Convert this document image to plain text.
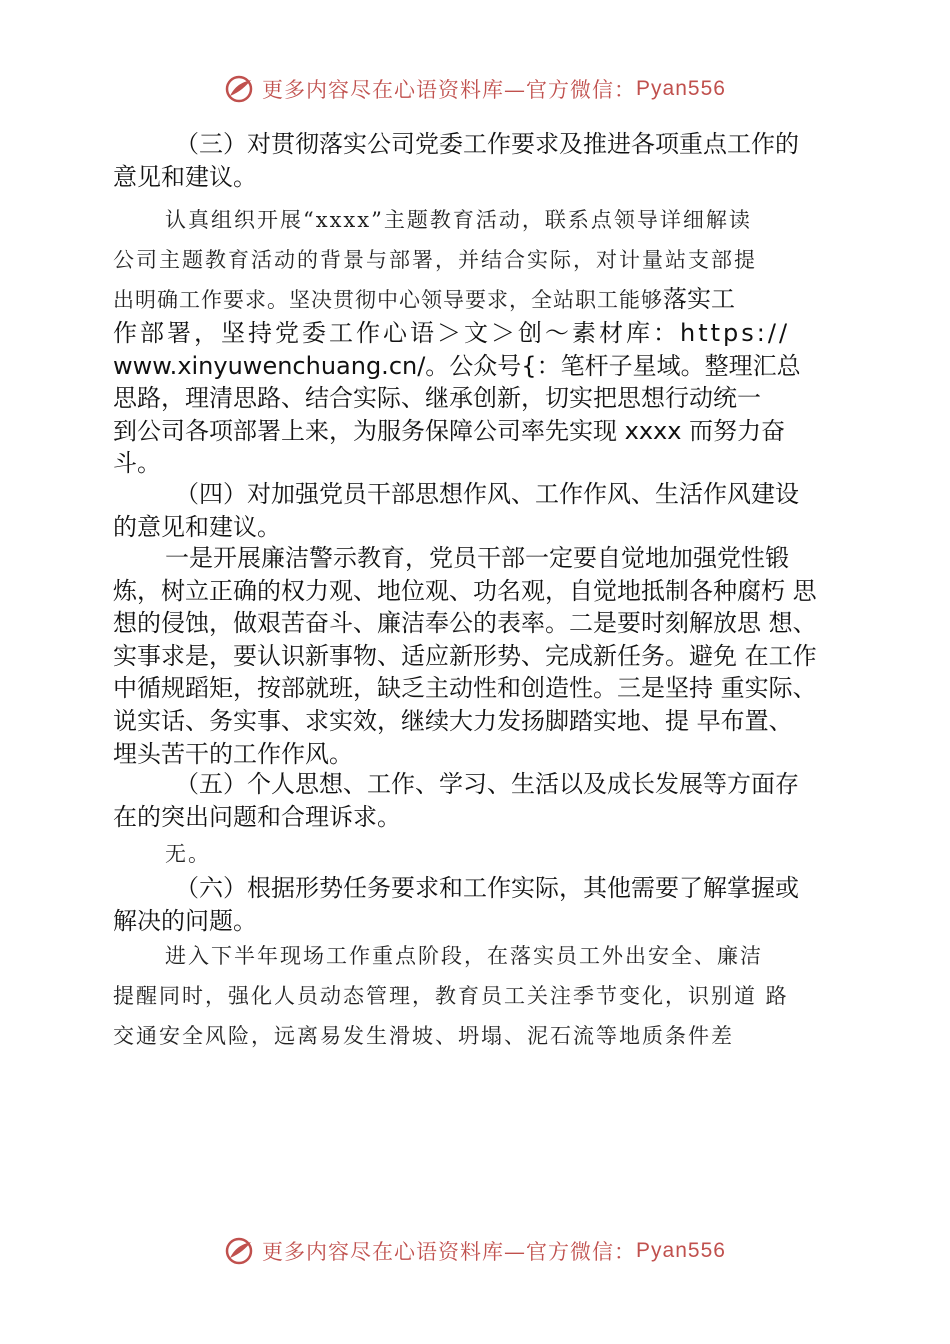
更多内容尽在心语资料库—官方微信： Pyan556

（三）对贯彻落实公司党委工作要求及推进各项重点工作的
意见和建议。

认真组织开展“xxxx”主题教育活动，联系点领导详细解读
公司主题教育活动的背景与部署，并结合实际，对计量站支部提

出明确工作要求。坚决贯彻中心领导要求，全站职工能够落实工

作部署，坚持党委工作心语＞文＞创～素材库：https://
www.xinyuwenchuang.cn/。公众号{：笔杆子星域。整理汇总
思路，理清思路、结合实际、继承创新，切实把思想行动统一
到公司各项部署上来，为服务保障公司率先实现 xxxx 而努力奋
斗。

（四）对加强党员干部思想作风、工作作风、生活作风建设
的意见和建议。

一是开展廉洁警示教育，党员干部一定要自觉地加强党性锻
炼，树立正确的权力观、地位观、功名观，自觉地抵制各种腐朽 思
想的侵蚀，做艰苦奋斗、廉洁奉公的表率。二是要时刻解放思 想、
实事求是，要认识新事物、适应新形势、完成新任务。避免 在工作
中循规蹈矩，按部就班，缺乏主动性和创造性。三是坚持 重实际、
说实话、务实事、求实效，继续大力发扬脚踏实地、提 早布置、
埋头苦干的工作作风。

（五）个人思想、工作、学习、生活以及成长发展等方面存
在的突出问题和合理诉求。

无。

（六）根据形势任务要求和工作实际，其他需要了解掌握或
解决的问题。

进入下半年现场工作重点阶段，在落实员工外出安全、廉洁
提醒同时，强化人员动态管理，教育员工关注季节变化，识别道 路
交通安全风险，远离易发生滑坡、坍塌、泥石流等地质条件差

更多内容尽在心语资料库—官方微信： Pyan556
